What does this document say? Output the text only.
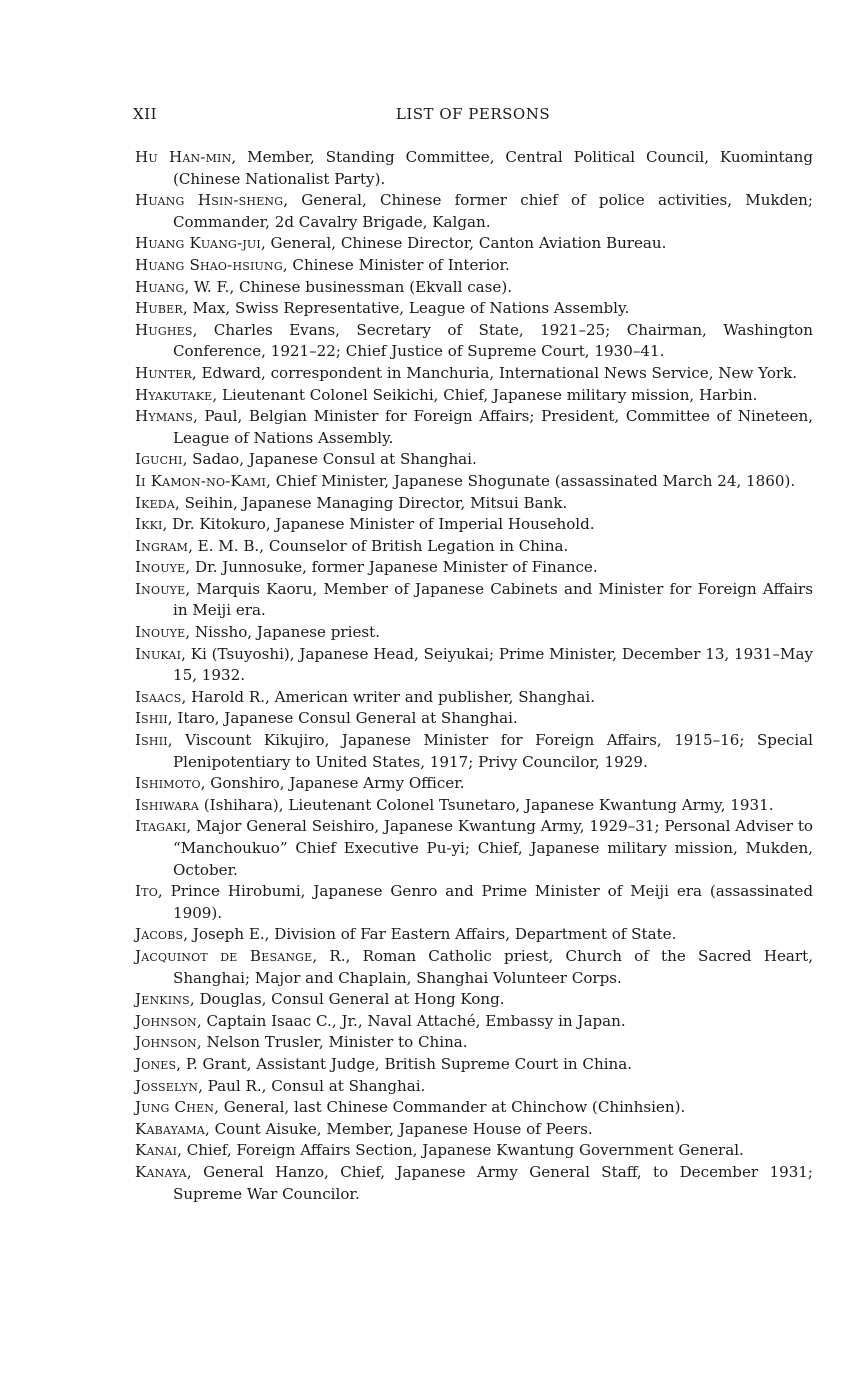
XII	LIST OF PERSONS

Hu Han-min, Member, Standing Committee, Central Political Council, Kuomintang (Chinese Nationalist Party).

Huang Hsin-sheng, General, Chinese former chief of police activities, Mukden; Commander, 2d Cavalry Brigade, Kalgan.

Huang Kuang-jui, General, Chinese Director, Canton Aviation Bureau.

Huang Shao-hsiung, Chinese Minister of Interior.

Huang, W. F., Chinese businessman (Ekvall case).

Huber, Max, Swiss Representative, League of Nations Assembly.

Hughes, Charles Evans, Secretary of State, 1921–25; Chairman, Washington Conference, 1921–22; Chief Justice of Supreme Court, 1930–41.

Hunter, Edward, correspondent in Manchuria, International News Service, New York.

Hyakutake, Lieutenant Colonel Seikichi, Chief, Japanese military mission, Harbin.

Hymans, Paul, Belgian Minister for Foreign Affairs; President, Committee of Nineteen, League of Nations Assembly.

Iguchi, Sadao, Japanese Consul at Shanghai.

Ii Kamon-no-Kami, Chief Minister, Japanese Shogunate (assassinated March 24, 1860).

Ikeda, Seihin, Japanese Managing Director, Mitsui Bank.

Ikki, Dr. Kitokuro, Japanese Minister of Imperial Household.

Ingram, E. M. B., Counselor of British Legation in China.

Inouye, Dr. Junnosuke, former Japanese Minister of Finance.

Inouye, Marquis Kaoru, Member of Japanese Cabinets and Minister for Foreign Affairs in Meiji era.

Inouye, Nissho, Japanese priest.

Inukai, Ki (Tsuyoshi), Japanese Head, Seiyukai; Prime Minister, December 13, 1931–May 15, 1932.

Isaacs, Harold R., American writer and publisher, Shanghai.

Ishii, Itaro, Japanese Consul General at Shanghai.

Ishii, Viscount Kikujiro, Japanese Minister for Foreign Affairs, 1915–16; Special Plenipotentiary to United States, 1917; Privy Councilor, 1929.

Ishimoto, Gonshiro, Japanese Army Officer.

Ishiwara (Ishihara), Lieutenant Colonel Tsunetaro, Japanese Kwantung Army, 1931.

Itagaki, Major General Seishiro, Japanese Kwantung Army, 1929–31; Personal Adviser to “Manchoukuo” Chief Executive Pu-yi; Chief, Japanese military mission, Mukden, October.

Ito, Prince Hirobumi, Japanese Genro and Prime Minister of Meiji era (assassinated 1909).

Jacobs, Joseph E., Division of Far Eastern Affairs, Department of State.

Jacquinot de Besange, R., Roman Catholic priest, Church of the Sacred Heart, Shanghai; Major and Chaplain, Shanghai Volunteer Corps.

Jenkins, Douglas, Consul General at Hong Kong.

Johnson, Captain Isaac C., Jr., Naval Attaché, Embassy in Japan.

Johnson, Nelson Trusler, Minister to China.

Jones, P. Grant, Assistant Judge, British Supreme Court in China.

Josselyn, Paul R., Consul at Shanghai.

Jung Chen, General, last Chinese Commander at Chinchow (Chinhsien).

Kabayama, Count Aisuke, Member, Japanese House of Peers.

Kanai, Chief, Foreign Affairs Section, Japanese Kwantung Government General.

Kanaya, General Hanzo, Chief, Japanese Army General Staff, to December 1931; Supreme War Councilor.
